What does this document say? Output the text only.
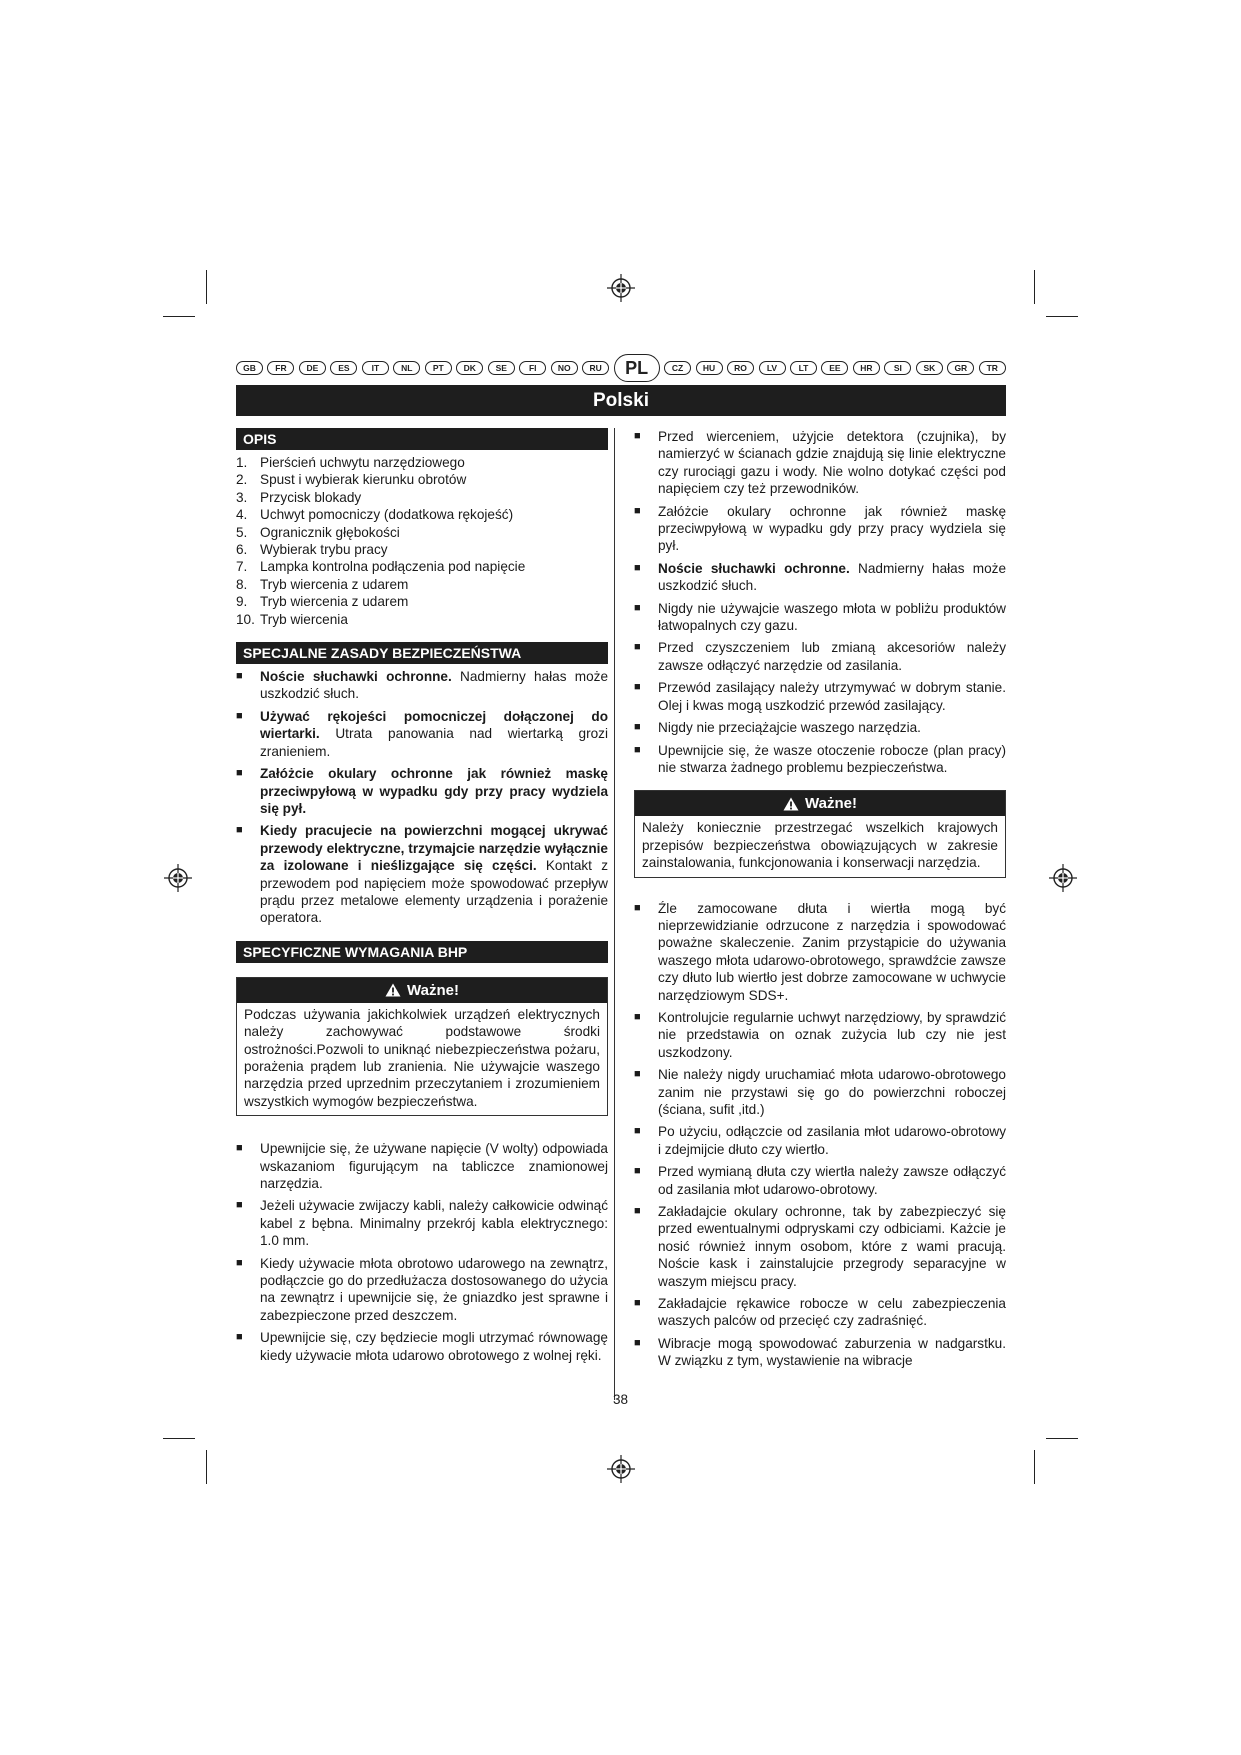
GB	FR	DE	ES	IT	NL	PT	DK	SE	FI	NO	RU	PL	CZ	HU	RO	LV	LT	EE	HR	SI	SK	GR	TR
Polski
OPIS
1. Pierścień uchwytu narzędziowego
2. Spust i wybierak kierunku obrotów
3. Przycisk blokady
4. Uchwyt pomocniczy (dodatkowa rękojeść)
5. Ogranicznik głębokości
6. Wybierak trybu pracy
7. Lampka kontrolna podłączenia pod napięcie
8. Tryb wiercenia z udarem
9. Tryb wiercenia z udarem
10. Tryb wiercenia
SPECJALNE ZASADY BEZPIECZEŃSTWA
■	Noście słuchawki ochronne. Nadmierny hałas może uszkodzić słuch.
■	Używać rękojeści pomocniczej dołączonej do wiertarki. Utrata panowania nad wiertarką grozi zranieniem.
■	Załóżcie okulary ochronne jak również maskę przeciwpyłową w wypadku gdy przy pracy wydziela się pył.
■	Kiedy pracujecie na powierzchni mogącej ukrywać przewody elektryczne, trzymajcie narzędzie wyłącznie za izolowane i nieślizgające się części. Kontakt z przewodem pod napięciem może spowodować przepływ prądu przez metalowe elementy urządzenia i porażenie operatora.
SPECYFICZNE WYMAGANIA BHP
Ważne!
Podczas używania jakichkolwiek urządzeń elektrycznych należy zachowywać podstawowe środki ostrożności.Pozwoli to uniknąć niebezpieczeństwa pożaru, porażenia prądem lub zranienia. Nie używajcie waszego narzędzia przed uprzednim przeczytaniem i zrozumieniem wszystkich wymogów bezpieczeństwa.
■	Upewnijcie się, że używane napięcie (V wolty) odpowiada wskazaniom figurującym na tabliczce znamionowej narzędzia.
■	Jeżeli używacie zwijaczy kabli, należy całkowicie odwinąć kabel z bębna. Minimalny przekrój kabla elektrycznego: 1.0 mm.
■	Kiedy używacie młota obrotowo udarowego na zewnątrz, podłączcie go do przedłużacza dostosowanego do użycia na zewnątrz i upewnijcie się, że gniazdko jest sprawne i zabezpieczone przed deszczem.
■	Upewnijcie się, czy będziecie mogli utrzymać równowagę kiedy używacie młota udarowo obrotowego z wolnej ręki.
■	Przed wierceniem, użyjcie detektora (czujnika), by namierzyć w ścianach gdzie znajdują się linie elektryczne czy rurociągi gazu i wody. Nie wolno dotykać części pod napięciem czy też przewodników.
■	Załóżcie okulary ochronne jak również maskę przeciwpyłową w wypadku gdy przy pracy wydziela się pył.
■	Noście słuchawki ochronne. Nadmierny hałas może uszkodzić słuch.
■	Nigdy nie używajcie waszego młota w pobliżu produktów łatwopalnych czy gazu.
■	Przed czyszczeniem lub zmianą akcesoriów należy zawsze odłączyć narzędzie od zasilania.
■	Przewód zasilający należy utrzymywać w dobrym stanie. Olej i kwas mogą uszkodzić przewód zasilający.
■	Nigdy nie przeciążajcie waszego narzędzia.
■	Upewnijcie się, że wasze otoczenie robocze (plan pracy) nie stwarza żadnego problemu bezpieczeństwa.
Ważne!
Należy koniecznie przestrzegać wszelkich krajowych przepisów bezpieczeństwa obowiązujących w zakresie zainstalowania, funkcjonowania i konserwacji narzędzia.
■	Źle zamocowane dłuta i wiertła mogą być nieprzewidzianie odrzucone z narzędzia i spowodować poważne skaleczenie. Zanim przystąpicie do używania waszego młota udarowo-obrotowego, sprawdźcie zawsze czy dłuto lub wiertło jest dobrze zamocowane w uchwycie narzędziowym SDS+.
■	Kontrolujcie regularnie uchwyt narzędziowy, by sprawdzić nie przedstawia on oznak zużycia lub czy nie jest uszkodzony.
■	Nie należy nigdy uruchamiać młota udarowo-obrotowego zanim nie przystawi się go do powierzchni roboczej (ściana, sufit ,itd.)
■	Po użyciu, odłączcie od zasilania młot udarowo-obrotowy i zdejmijcie dłuto czy wiertło.
■	Przed wymianą dłuta czy wiertła należy zawsze odłączyć od zasilania młot udarowo-obrotowy.
■	Zakładajcie okulary ochronne, tak by zabezpieczyć się przed ewentualnymi odpryskami czy odbiciami. Każcie je nosić również innym osobom, które z wami pracują. Noście kask i zainstalujcie przegrody separacyjne w waszym miejscu pracy.
■	Zakładajcie rękawice robocze w celu zabezpieczenia waszych palców od przecięć czy zadraśnięć.
■	Wibracje mogą spowodować zaburzenia w nadgarstku. W związku z tym, wystawienie na wibracje
38
